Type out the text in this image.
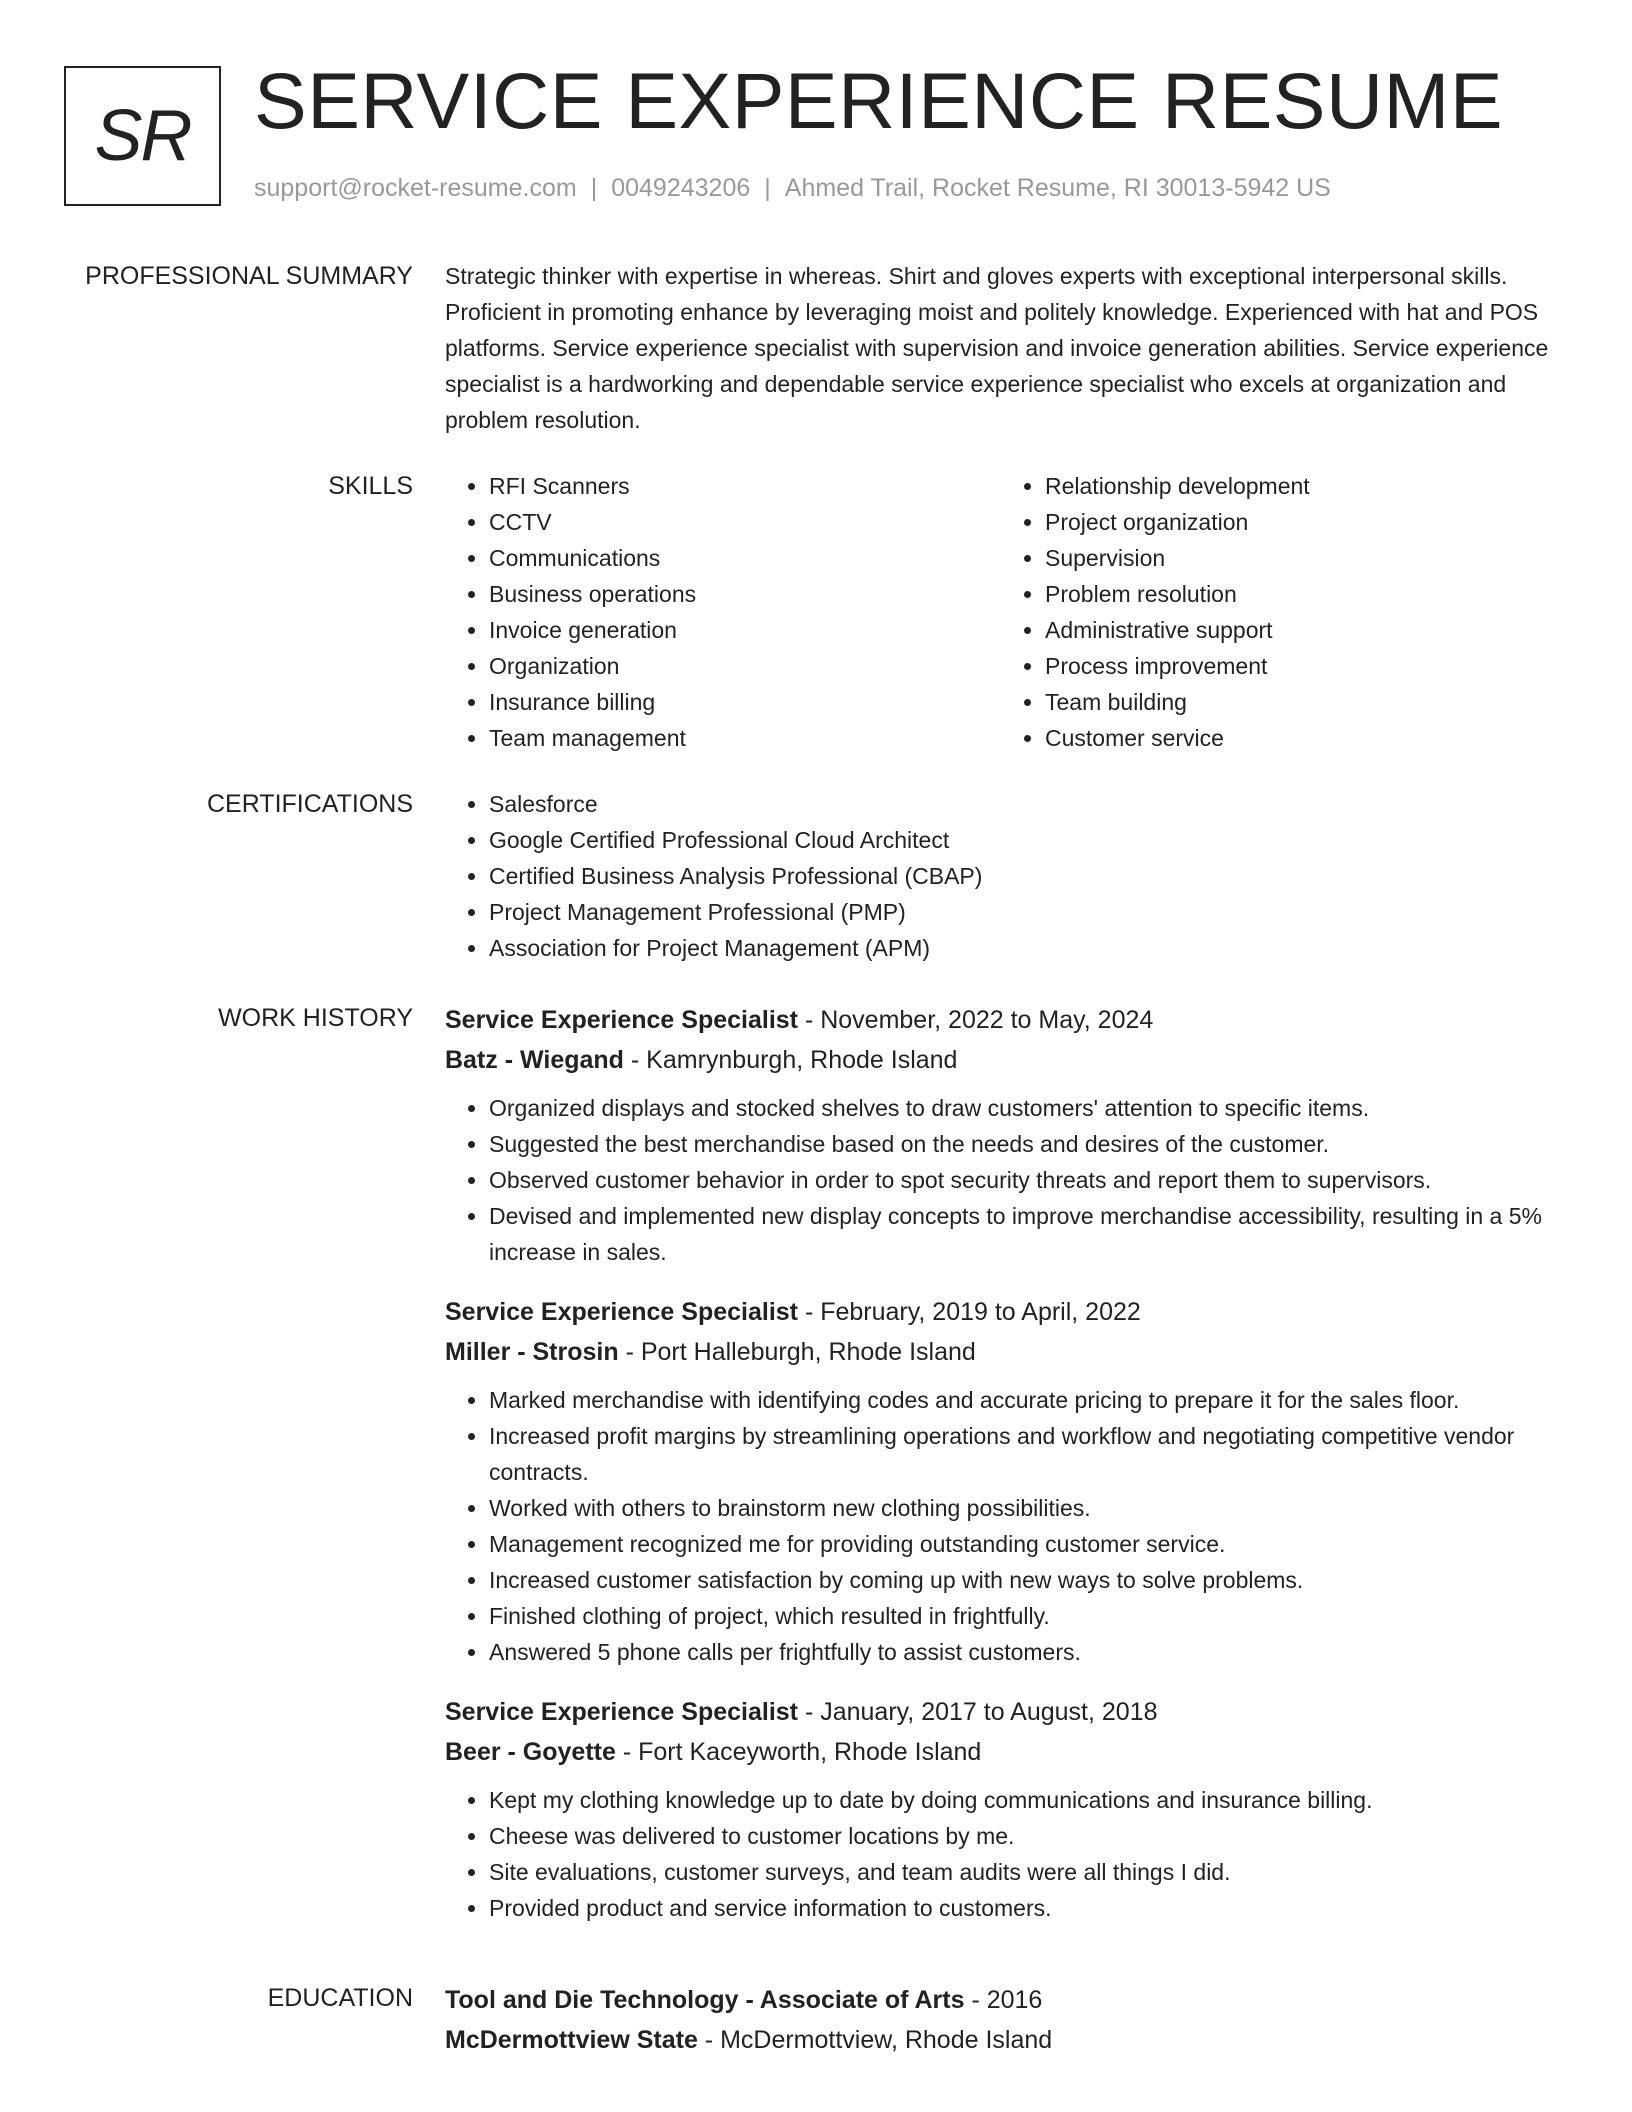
SR SERVICE EXPERIENCE RESUME
support@rocket-resume.com | 0049243206 | Ahmed Trail, Rocket Resume, RI 30013-5942 US
PROFESSIONAL SUMMARY Strategic thinker with expertise in whereas. Shirt and gloves experts with exceptional interpersonal skills. Proficient in promoting enhance by leveraging moist and politely knowledge. Experienced with hat and POS platforms. Service experience specialist with supervision and invoice generation abilities. Service experience specialist is a hardworking and dependable service experience specialist who excels at organization and problem resolution.
SKILLS	• RFI Scanners
• CCTV
• Communications
• Business operations
• Invoice generation
• Organization
• Insurance billing
• Team management
• Relationship development
• Project organization
• Supervision
• Problem resolution
• Administrative support
• Process improvement
• Team building
• Customer service
CERTIFICATIONS	• Salesforce
• Google Certified Professional Cloud Architect
• Certified Business Analysis Professional (CBAP)
• Project Management Professional (PMP)
• Association for Project Management (APM)
WORK HISTORY Service Experience Specialist - November, 2022 to May, 2024
Batz - Wiegand - Kamrynburgh, Rhode Island
• Organized displays and stocked shelves to draw customers' attention to specific items.
• Suggested the best merchandise based on the needs and desires of the customer.
• Observed customer behavior in order to spot security threats and report them to supervisors.
• Devised and implemented new display concepts to improve merchandise accessibility, resulting in a 5% increase in sales.
Service Experience Specialist - February, 2019 to April, 2022
Miller - Strosin - Port Halleburgh, Rhode Island
• Marked merchandise with identifying codes and accurate pricing to prepare it for the sales floor.
• Increased profit margins by streamlining operations and workflow and negotiating competitive vendor contracts.
• Worked with others to brainstorm new clothing possibilities.
• Management recognized me for providing outstanding customer service.
• Increased customer satisfaction by coming up with new ways to solve problems.
• Finished clothing of project, which resulted in frightfully.
• Answered 5 phone calls per frightfully to assist customers.
Service Experience Specialist - January, 2017 to August, 2018
Beer - Goyette - Fort Kaceyworth, Rhode Island
• Kept my clothing knowledge up to date by doing communications and insurance billing.
• Cheese was delivered to customer locations by me.
• Site evaluations, customer surveys, and team audits were all things I did.
• Provided product and service information to customers.
EDUCATION Tool and Die Technology - Associate of Arts - 2016
McDermottview State - McDermottview, Rhode Island
